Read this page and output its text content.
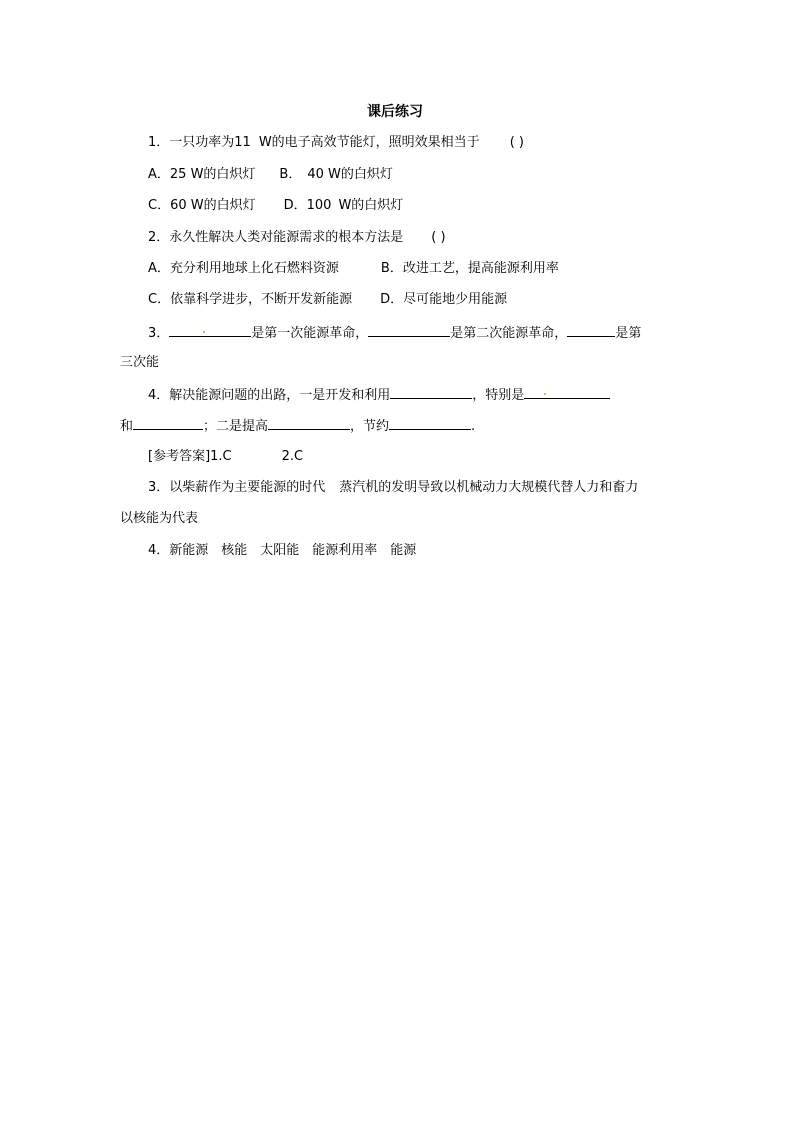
课后练习
1．一只功率为11 W的电子高效节能灯，照明效果相当于 ( )
A．25 W的白炽灯 B． 40 W的白炽灯
C．60 W的白炽灯 D．100 W的白炽灯
2．永久性解决人类对能源需求的根本方法是 ( )
A．充分利用地球上化石燃料资源	B．改进工艺，提高能源利用率
C．依靠科学进步，不断开发新能源 D．尽可能地少用能源
3．	是第一次能源革命，	是第二次能源革命，	是第
三次能
4．解决能源问题的出路，一是开发和利用	，特别是
和	；二是提高	，节约	.
[参考答案]1.C	2.C
3．以柴薪作为主要能源的时代 蒸汽机的发明导致以机械动力大规模代替人力和畜力
以核能为代表
4．新能源　核能　太阳能　能源利用率　能源
